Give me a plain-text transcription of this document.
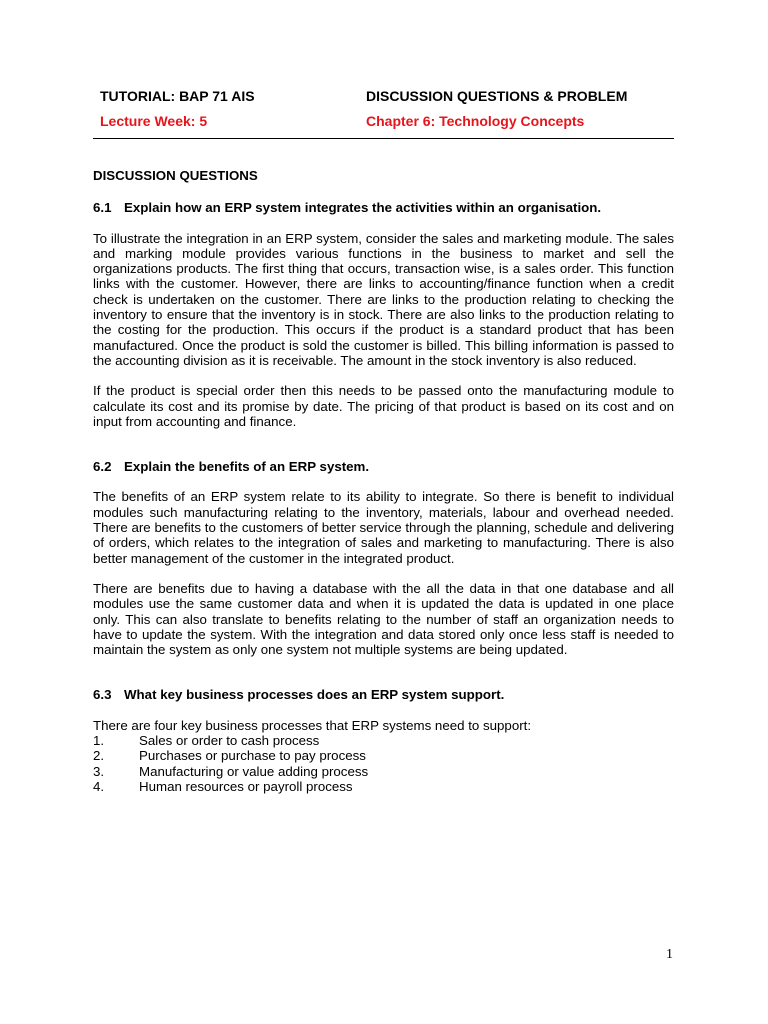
TUTORIAL: BAP 71 AIS
Lecture Week: 5
DISCUSSION QUESTIONS & PROBLEM
Chapter 6: Technology Concepts

DISCUSSION QUESTIONS

6.1 Explain how an ERP system integrates the activities within an organisation.

To illustrate the integration in an ERP system, consider the sales and marketing module. The sales and marking module provides various functions in the business to market and sell the organizations products. The first thing that occurs, transaction wise, is a sales order. This function links with the customer. However, there are links to accounting/finance function when a credit check is undertaken on the customer. There are links to the production relating to checking the inventory to ensure that the inventory is in stock. There are also links to the production relating to the costing for the production. This occurs if the product is a standard product that has been manufactured. Once the product is sold the customer is billed. This billing information is passed to the accounting division as it is receivable. The amount in the stock inventory is also reduced.

If the product is special order then this needs to be passed onto the manufacturing module to calculate its cost and its promise by date. The pricing of that product is based on its cost and on input from accounting and finance.

6.2 Explain the benefits of an ERP system.

The benefits of an ERP system relate to its ability to integrate. So there is benefit to individual modules such manufacturing relating to the inventory, materials, labour and overhead needed. There are benefits to the customers of better service through the planning, schedule and delivering of orders, which relates to the integration of sales and marketing to manufacturing. There is also better management of the customer in the integrated product.

There are benefits due to having a database with the all the data in that one database and all modules use the same customer data and when it is updated the data is updated in one place only. This can also translate to benefits relating to the number of staff an organization needs to have to update the system. With the integration and data stored only once less staff is needed to maintain the system as only one system not multiple systems are being updated.

6.3 What key business processes does an ERP system support.

There are four key business processes that ERP systems need to support:

1.	Sales or order to cash process
2.	Purchases or purchase to pay process
3.	Manufacturing or value adding process
4.	Human resources or payroll process
1
